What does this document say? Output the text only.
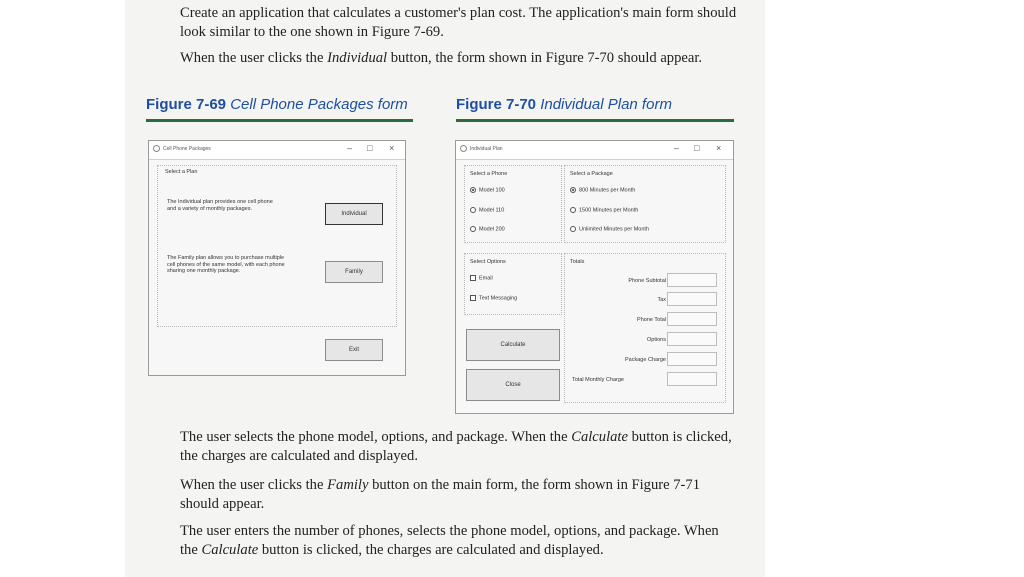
Create an application that calculates a customer's plan cost. The application's main form should look similar to the one shown in Figure 7-69.
When the user clicks the Individual button, the form shown in Figure 7-70 should appear.
Figure 7-69 Cell Phone Packages form	Figure 7-70 Individual Plan form
Cell Phone Packages	– □ ×
Select a Plan
The Individual plan provides one cell phone and a variety of monthly packages.
Individual
The Family plan allows you to purchase multiple cell phones of the same model, with each phone sharing one monthly package.	Family
Exit
Individual Plan	– □ ×
Select a Phone
Model 100
Model 110
Model 200
Select a Package
800 Minutes per Month
1500 Minutes per Month
Unlimited Minutes per Month
Select Options
Email
Text Messaging
Totals
Phone Subtotal
Tax
Phone Total
Options
Package Charge
Total Monthly Charge
Calculate
Close
The user selects the phone model, options, and package. When the Calculate button is clicked, the charges are calculated and displayed.
When the user clicks the Family button on the main form, the form shown in Figure 7-71 should appear.
The user enters the number of phones, selects the phone model, options, and package. When the Calculate button is clicked, the charges are calculated and displayed.
